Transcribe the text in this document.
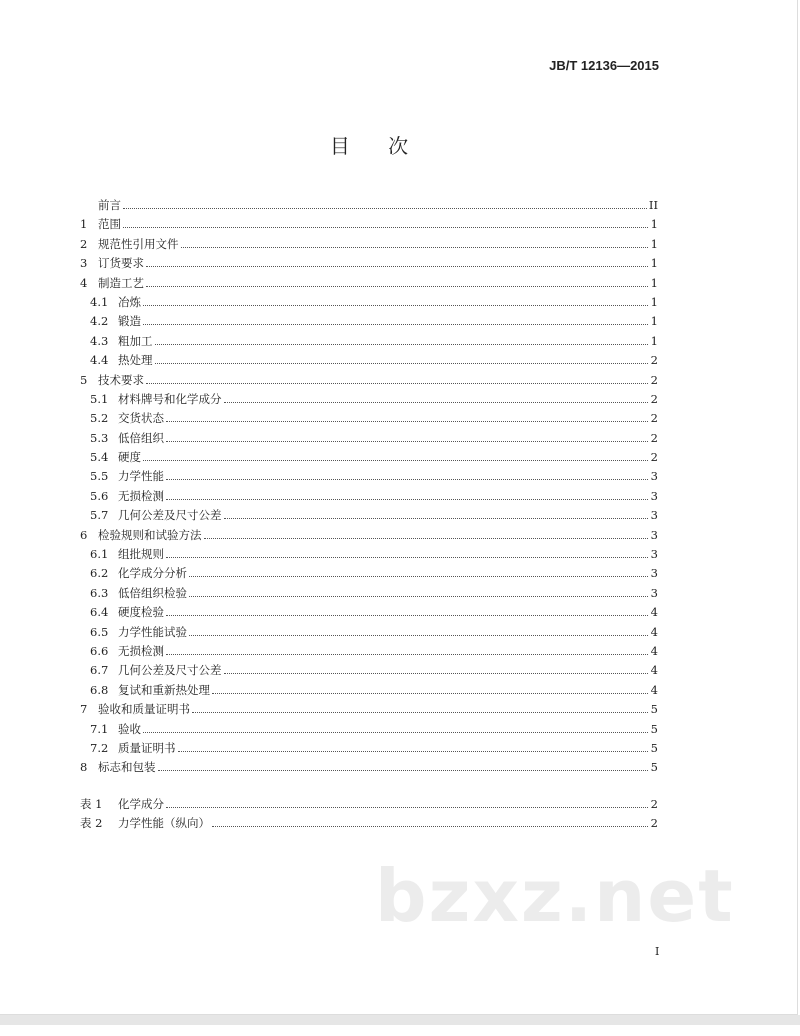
JB/T 12136—2015
目 次
前言	II
1 范围	1
2 规范性引用文件	1
3 订货要求	1
4 制造工艺	1
4.1 冶炼	1
4.2 锻造	1
4.3 粗加工	1
4.4 热处理	2
5 技术要求	2
5.1 材料牌号和化学成分	2
5.2 交货状态	2
5.3 低倍组织	2
5.4 硬度	2
5.5 力学性能	3
5.6 无损检测	3
5.7 几何公差及尺寸公差	3
6 检验规则和试验方法	3
6.1 组批规则	3
6.2 化学成分分析	3
6.3 低倍组织检验	3
6.4 硬度检验	4
6.5 力学性能试验	4
6.6 无损检测	4
6.7 几何公差及尺寸公差	4
6.8 复试和重新热处理	4
7 验收和质量证明书	5
7.1 验收	5
7.2 质量证明书	5
8 标志和包装	5
表 1	化学成分	2
表 2	力学性能（纵向）	2
bzxz.net
I
